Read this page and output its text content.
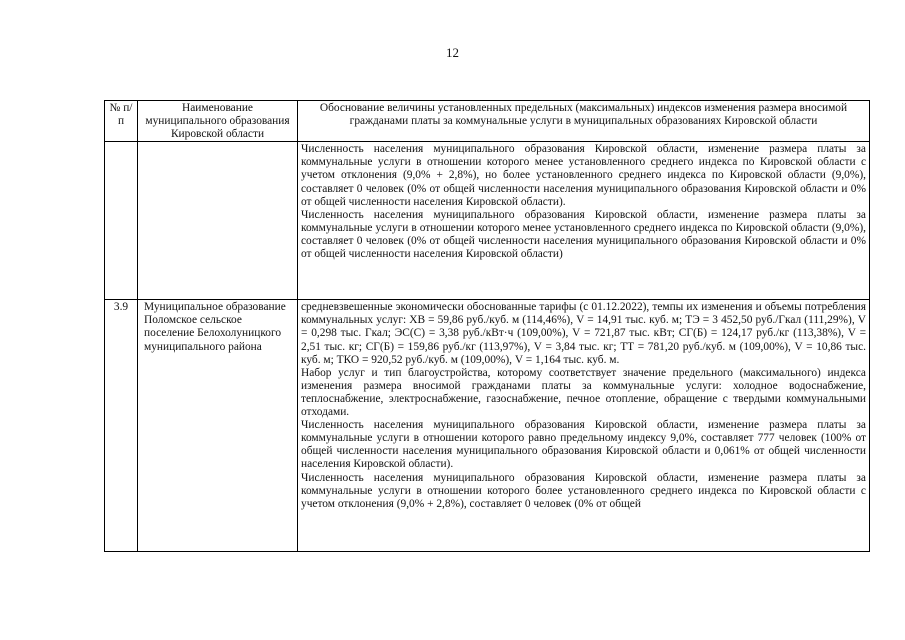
12
№ п/п	Наименование муниципального образования Кировской области	Обоснование величины установленных предельных (максимальных) индексов изменения размера вносимой гражданами платы за коммунальные услуги в муниципальных образованиях Кировской области

		Численность населения муниципального образования Кировской области, изменение размера платы за коммунальные услуги в отношении которого менее установленного среднего индекса по Кировской области с учетом отклонения (9,0% + 2,8%), но более установленного среднего индекса по Кировской области (9,0%), составляет 0 человек (0% от общей численности населения муниципального образования Кировской области и 0% от общей численности населения Кировской области).

Численность населения муниципального образования Кировской области, изменение размера платы за коммунальные услуги в отношении которого менее установленного среднего индекса по Кировской области (9,0%), составляет 0 человек (0% от общей численности населения муниципального образования Кировской области и 0% от общей численности населения Кировской области)

3.9	Муниципальное образование Поломское сельское поселение Белохолуницкого муниципального района	средневзвешенные экономически обоснованные тарифы (с 01.12.2022), темпы их изменения и объемы потребления коммунальных услуг: ХВ = 59,86 руб./куб. м (114,46%), V = 14,91 тыс. куб. м; ТЭ = 3 452,50 руб./Гкал (111,29%), V = 0,298 тыс. Гкал; ЭС(С) = 3,38 руб./кВт·ч (109,00%), V = 721,87 тыс. кВт; СГ(Б) = 124,17 руб./кг (113,38%), V = 2,51 тыс. кг; СГ(Б) = 159,86 руб./кг (113,97%), V = 3,84 тыс. кг; ТТ = 781,20 руб./куб. м (109,00%), V = 10,86 тыс. куб. м; ТКО = 920,52 руб./куб. м (109,00%), V = 1,164 тыс. куб. м.

Набор услуг и тип благоустройства, которому соответствует значение предельного (максимального) индекса изменения размера вносимой гражданами платы за коммунальные услуги: холодное водоснабжение, теплоснабжение, электроснабжение, газоснабжение, печное отопление, обращение с твердыми коммунальными отходами.

Численность населения муниципального образования Кировской области, изменение размера платы за коммунальные услуги в отношении которого равно предельному индексу 9,0%, составляет 777 человек (100% от общей численности населения муниципального образования Кировской области и 0,061% от общей численности населения Кировской области).

Численность населения муниципального образования Кировской области, изменение размера платы за коммунальные услуги в отношении которого более установленного среднего индекса по Кировской области с учетом отклонения (9,0% + 2,8%), составляет 0 человек (0% от общей
